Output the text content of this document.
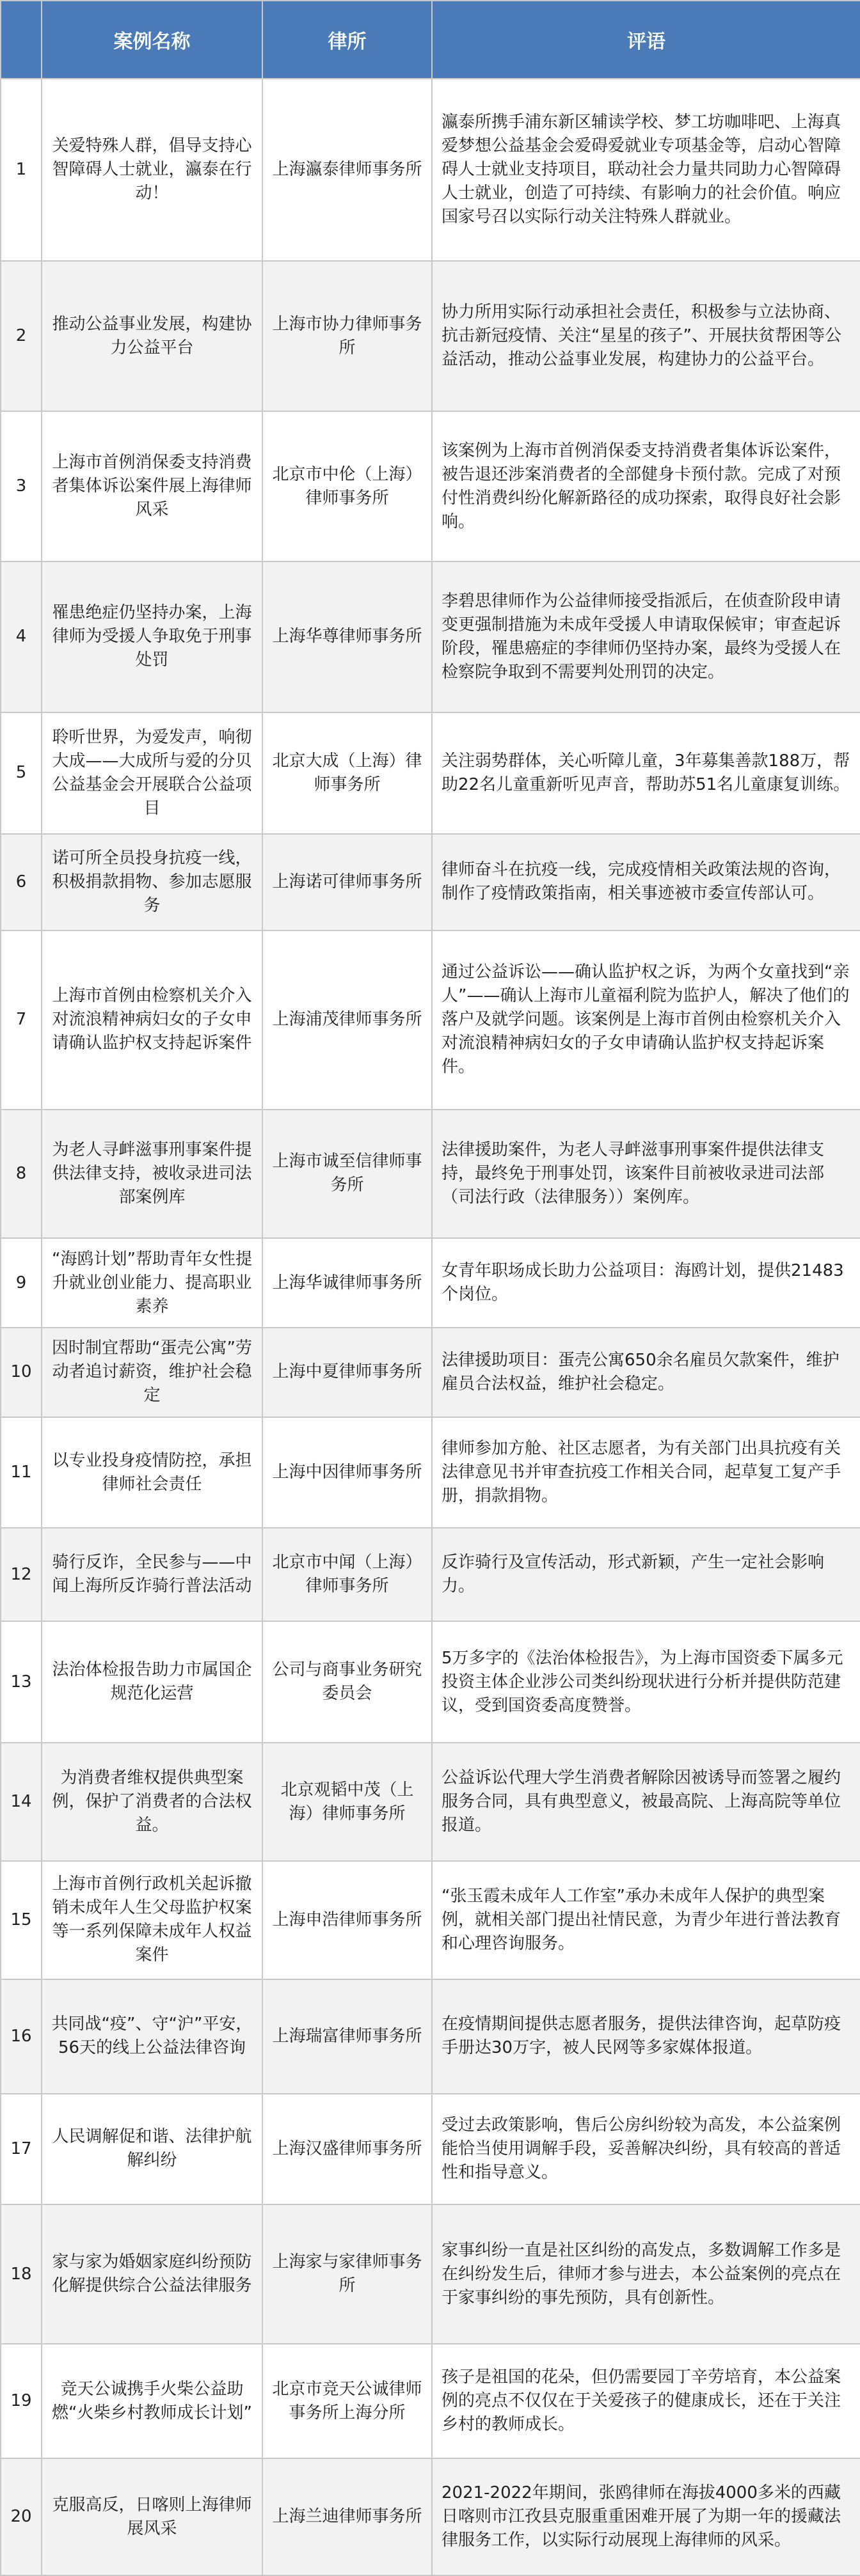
	案例名称	律所	评语
1	关爱特殊人群，倡导支持心智障碍人士就业，瀛泰在行动！	上海瀛泰律师事务所	瀛泰所携手浦东新区辅读学校、梦工坊咖啡吧、上海真爱梦想公益基金会爱碍爱就业专项基金等，启动心智障碍人士就业支持项目，联动社会力量共同助力心智障碍人士就业，创造了可持续、有影响力的社会价值。响应国家号召以实际行动关注特殊人群就业。
2	推动公益事业发展，构建协力公益平台	上海市协力律师事务所	协力所用实际行动承担社会责任，积极参与立法协商、抗击新冠疫情、关注“星星的孩子”、开展扶贫帮困等公益活动，推动公益事业发展，构建协力的公益平台。
3	上海市首例消保委支持消费者集体诉讼案件展上海律师风采	北京市中伦（上海）律师事务所	该案例为上海市首例消保委支持消费者集体诉讼案件，被告退还涉案消费者的全部健身卡预付款。完成了对预付性消费纠纷化解新路径的成功探索，取得良好社会影响。
4	罹患绝症仍坚持办案，上海律师为受援人争取免于刑事处罚	上海华尊律师事务所	李碧思律师作为公益律师接受指派后，在侦查阶段申请变更强制措施为未成年受援人申请取保候审；审查起诉阶段，罹患癌症的李律师仍坚持办案，最终为受援人在检察院争取到不需要判处刑罚的决定。
5	聆听世界，为爱发声，响彻大成——大成所与爱的分贝公益基金会开展联合公益项目	北京大成（上海）律师事务所	关注弱势群体，关心听障儿童，3年募集善款188万，帮助22名儿童重新听见声音，帮助苏51名儿童康复训练。
6	诺可所全员投身抗疫一线，积极捐款捐物、参加志愿服务	上海诺可律师事务所	律师奋斗在抗疫一线，完成疫情相关政策法规的咨询，制作了疫情政策指南，相关事迹被市委宣传部认可。
7	上海市首例由检察机关介入对流浪精神病妇女的子女申请确认监护权支持起诉案件	上海浦茂律师事务所	通过公益诉讼——确认监护权之诉，为两个女童找到“亲人”——确认上海市儿童福利院为监护人，解决了他们的落户及就学问题。该案例是上海市首例由检察机关介入对流浪精神病妇女的子女申请确认监护权支持起诉案件。
8	为老人寻衅滋事刑事案件提供法律支持，被收录进司法部案例库	上海市诚至信律师事务所	法律援助案件，为老人寻衅滋事刑事案件提供法律支持，最终免于刑事处罚，该案件目前被收录进司法部（司法行政（法律服务））案例库。
9	“海鸥计划”帮助青年女性提升就业创业能力、提高职业素养	上海华诚律师事务所	女青年职场成长助力公益项目：海鸥计划，提供21483个岗位。
10	因时制宜帮助“蛋壳公寓”劳动者追讨薪资，维护社会稳定	上海中夏律师事务所	法律援助项目：蛋壳公寓650余名雇员欠款案件，维护雇员合法权益，维护社会稳定。
11	以专业投身疫情防控，承担律师社会责任	上海中因律师事务所	律师参加方舱、社区志愿者，为有关部门出具抗疫有关法律意见书并审查抗疫工作相关合同，起草复工复产手册，捐款捐物。
12	骑行反诈，全民参与——中闻上海所反诈骑行普法活动	北京市中闻（上海）律师事务所	反诈骑行及宣传活动，形式新颖，产生一定社会影响力。
13	法治体检报告助力市属国企规范化运营	公司与商事业务研究委员会	5万多字的《法治体检报告》，为上海市国资委下属多元投资主体企业涉公司类纠纷现状进行分析并提供防范建议，受到国资委高度赞誉。
14	为消费者维权提供典型案例，保护了消费者的合法权益。	北京观韬中茂（上海）律师事务所	公益诉讼代理大学生消费者解除因被诱导而签署之履约服务合同，具有典型意义，被最高院、上海高院等单位报道。
15	上海市首例行政机关起诉撤销未成年人生父母监护权案等一系列保障未成年人权益案件	上海申浩律师事务所	“张玉霞未成年人工作室”承办未成年人保护的典型案例，就相关部门提出社情民意，为青少年进行普法教育和心理咨询服务。
16	共同战“疫”、守“沪”平安，56天的线上公益法律咨询	上海瑞富律师事务所	在疫情期间提供志愿者服务，提供法律咨询，起草防疫手册达30万字，被人民网等多家媒体报道。
17	人民调解促和谐、法律护航解纠纷	上海汉盛律师事务所	受过去政策影响，售后公房纠纷较为高发，本公益案例能恰当使用调解手段，妥善解决纠纷，具有较高的普适性和指导意义。
18	家与家为婚姻家庭纠纷预防化解提供综合公益法律服务	上海家与家律师事务所	家事纠纷一直是社区纠纷的高发点，多数调解工作多是在纠纷发生后，律师才参与进去，本公益案例的亮点在于家事纠纷的事先预防，具有创新性。
19	竞天公诚携手火柴公益助燃“火柴乡村教师成长计划”	北京市竞天公诚律师事务所上海分所	孩子是祖国的花朵，但仍需要园丁辛劳培育，本公益案例的亮点不仅仅在于关爱孩子的健康成长，还在于关注乡村的教师成长。
20	克服高反，日喀则上海律师展风采	上海兰迪律师事务所	2021-2022年期间，张鸥律师在海拔4000多米的西藏日喀则市江孜县克服重重困难开展了为期一年的援藏法律服务工作，以实际行动展现上海律师的风采。
